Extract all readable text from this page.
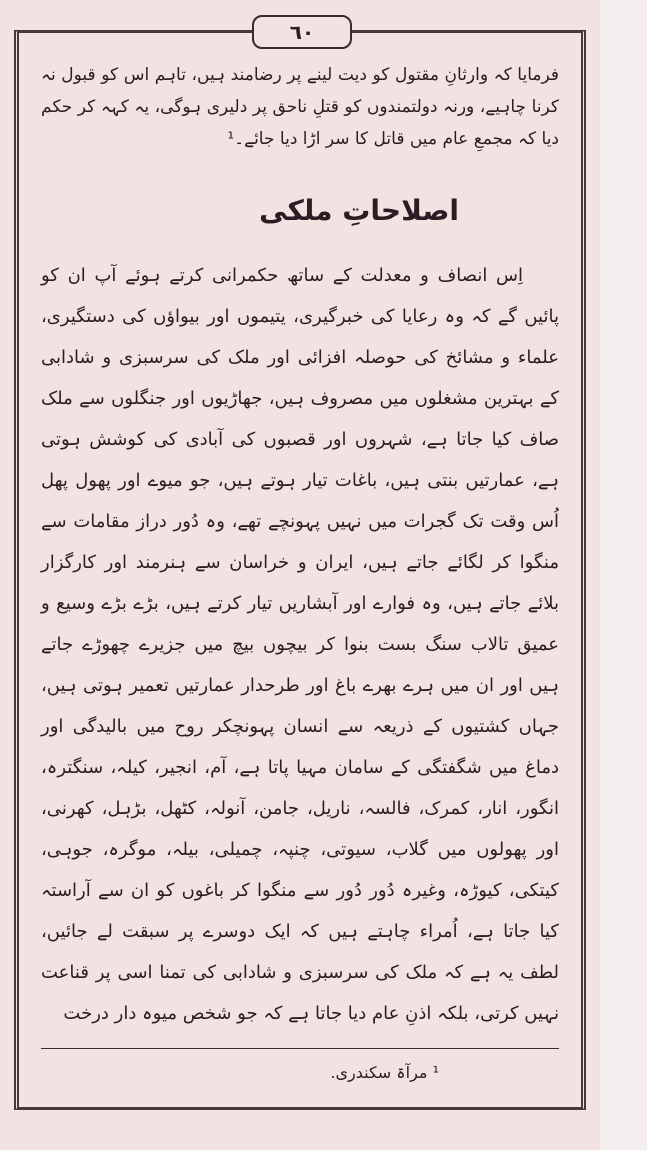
٦٠
فرمایا کہ وارثانِ مقتول کو دیت لینے پر رضامند ہیں، تاہم اس کو قبول نہ کرنا چاہیے، ورنہ دولتمندوں کو قتلِ ناحق پر دلیری ہوگی، یہ کہہ کر حکم دیا کہ مجمعِ عام میں قاتل کا سر اڑا دیا جائے۔¹
اصلاحاتِ ملکی
اِس انصاف و معدلت کے ساتھ حکمرانی کرتے ہوئے آپ ان کو پائیں گے کہ وہ رعایا کی خبرگیری، یتیموں اور بیواؤں کی دستگیری، علماء و مشائخ کی حوصلہ افزائی اور ملک کی سرسبزی و شادابی کے بہترین مشغلوں میں مصروف ہیں، جھاڑیوں اور جنگلوں سے ملک صاف کیا جاتا ہے، شہروں اور قصبوں کی آبادی کی کوشش ہوتی ہے، عمارتیں بنتی ہیں، باغات تیار ہوتے ہیں، جو میوے اور پھول پھل اُس وقت تک گجرات میں نہیں پہونچے تھے، وہ دُور دراز مقامات سے منگوا کر لگائے جاتے ہیں، ایران و خراسان سے ہنرمند اور کارگزار بلائے جاتے ہیں، وہ فوارے اور آبشاریں تیار کرتے ہیں، بڑے بڑے وسیع و عمیق تالاب سنگ بست بنوا کر بیچوں بیچ میں جزیرے چھوڑے جاتے ہیں اور ان میں ہرے بھرے باغ اور طرحدار عمارتیں تعمیر ہوتی ہیں، جہاں کشتیوں کے ذریعہ سے انسان پہونچکر روح میں بالیدگی اور دماغ میں شگفتگی کے سامان مہیا پاتا ہے، آم، انجیر، کیلہ، سنگترہ، انگور، انار، کمرک، فالسہ، ناریل، جامن، آنولہ، کٹھل، بڑہل، کھرنی، اور پھولوں میں گلاب، سیوتی، چنپہ، چمیلی، بیلہ، موگرہ، جوہی، کیتکی، کیوڑہ، وغیرہ دُور دُور سے منگوا کر باغوں کو ان سے آراستہ کیا جاتا ہے، اُمراء چاہتے ہیں کہ ایک دوسرے پر سبقت لے جائیں، لطف یہ ہے کہ ملک کی سرسبزی و شادابی کی تمنا اسی پر قناعت نہیں کرتی، بلکہ اذنِ عام دیا جاتا ہے کہ جو شخص میوہ دار درخت
¹ مرآۃ سکندری.
